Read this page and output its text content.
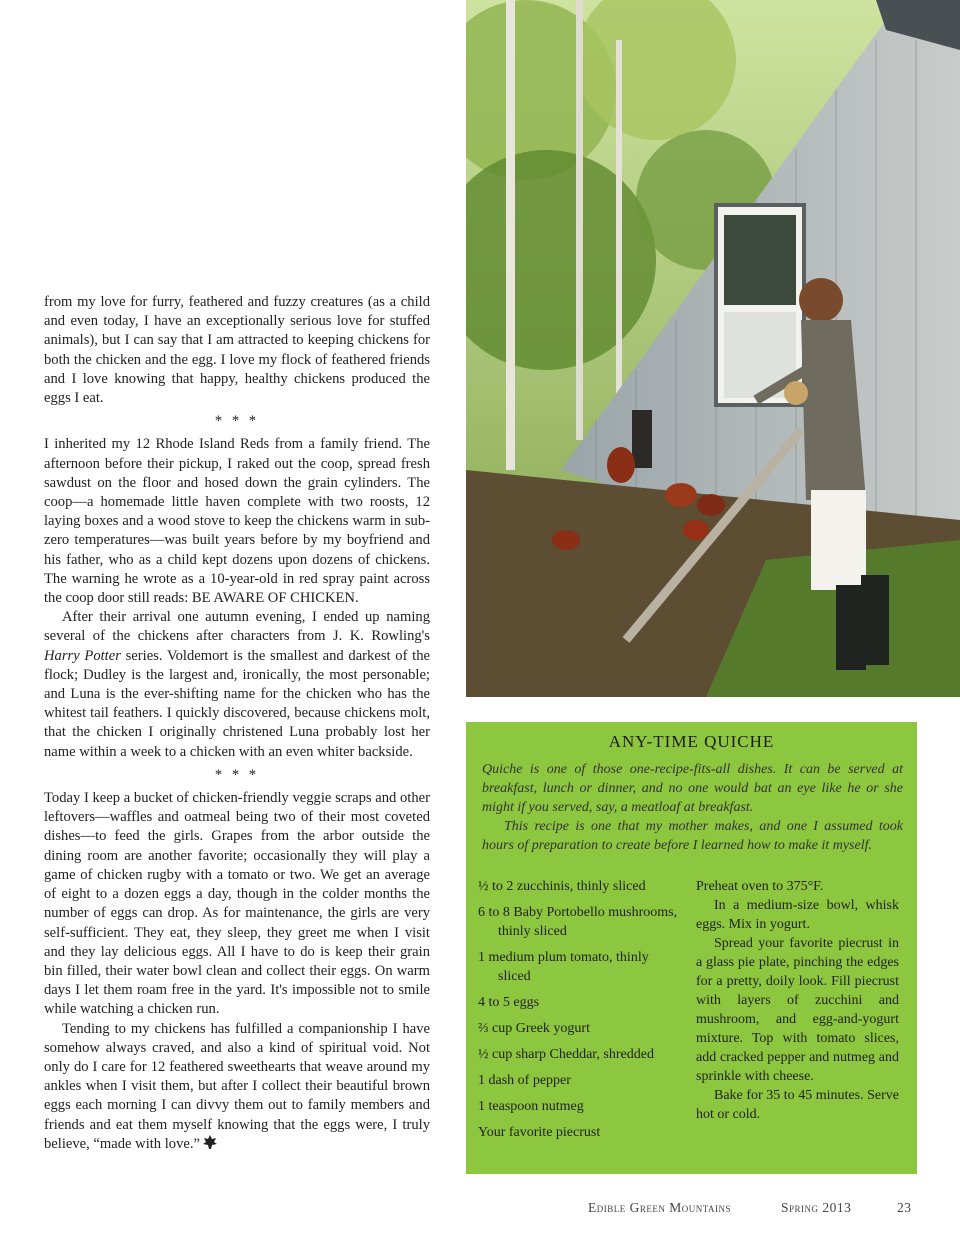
from my love for furry, feathered and fuzzy creatures (as a child and even today, I have an exceptionally serious love for stuffed animals), but I can say that I am attracted to keeping chickens for both the chicken and the egg. I love my flock of feathered friends and I love knowing that happy, healthy chickens produced the eggs I eat.

* * *

I inherited my 12 Rhode Island Reds from a family friend. The afternoon before their pickup, I raked out the coop, spread fresh sawdust on the floor and hosed down the grain cylinders. The coop—a homemade little haven complete with two roosts, 12 laying boxes and a wood stove to keep the chickens warm in sub-zero temperatures—was built years before by my boyfriend and his father, who as a child kept dozens upon dozens of chickens. The warning he wrote as a 10-year-old in red spray paint across the coop door still reads: BE AWARE OF CHICKEN.

After their arrival one autumn evening, I ended up naming several of the chickens after characters from J. K. Rowling's Harry Potter series. Voldemort is the smallest and darkest of the flock; Dudley is the largest and, ironically, the most personable; and Luna is the ever-shifting name for the chicken who has the whitest tail feathers. I quickly discovered, because chickens molt, that the chicken I originally christened Luna probably lost her name within a week to a chicken with an even whiter backside.

* * *

Today I keep a bucket of chicken-friendly veggie scraps and other leftovers—waffles and oatmeal being two of their most coveted dishes—to feed the girls. Grapes from the arbor outside the dining room are another favorite; occasionally they will play a game of chicken rugby with a tomato or two. We get an average of eight to a dozen eggs a day, though in the colder months the number of eggs can drop. As for maintenance, the girls are very self-sufficient. They eat, they sleep, they greet me when I visit and they lay delicious eggs. All I have to do is keep their grain bin filled, their water bowl clean and collect their eggs. On warm days I let them roam free in the yard. It's impossible not to smile while watching a chicken run.

Tending to my chickens has fulfilled a companionship I have somehow always craved, and also a kind of spiritual void. Not only do I care for 12 feathered sweethearts that weave around my ankles when I visit them, but after I collect their beautiful brown eggs each morning I can divvy them out to family members and friends and eat them myself knowing that the eggs were, I truly believe, “made with love.”

ANY-TIME QUICHE

Quiche is one of those one-recipe-fits-all dishes. It can be served at breakfast, lunch or dinner, and no one would bat an eye like he or she might if you served, say, a meatloaf at breakfast.

This recipe is one that my mother makes, and one I assumed took hours of preparation to create before I learned how to make it myself.

½ to 2 zucchinis, thinly sliced
6 to 8 Baby Portobello mushrooms, thinly sliced
1 medium plum tomato, thinly sliced
4 to 5 eggs
⅔ cup Greek yogurt
½ cup sharp Cheddar, shredded
1 dash of pepper
1 teaspoon nutmeg
Your favorite piecrust

Preheat oven to 375°F.

In a medium-size bowl, whisk eggs. Mix in yogurt.

Spread your favorite piecrust in a glass pie plate, pinching the edges for a pretty, doily look. Fill piecrust with layers of zucchini and mushroom, and egg-and-yogurt mixture. Top with tomato slices, add cracked pepper and nutmeg and sprinkle with cheese.

Bake for 35 to 45 minutes. Serve hot or cold.

Edible Green Mountains	Spring 2013	23
